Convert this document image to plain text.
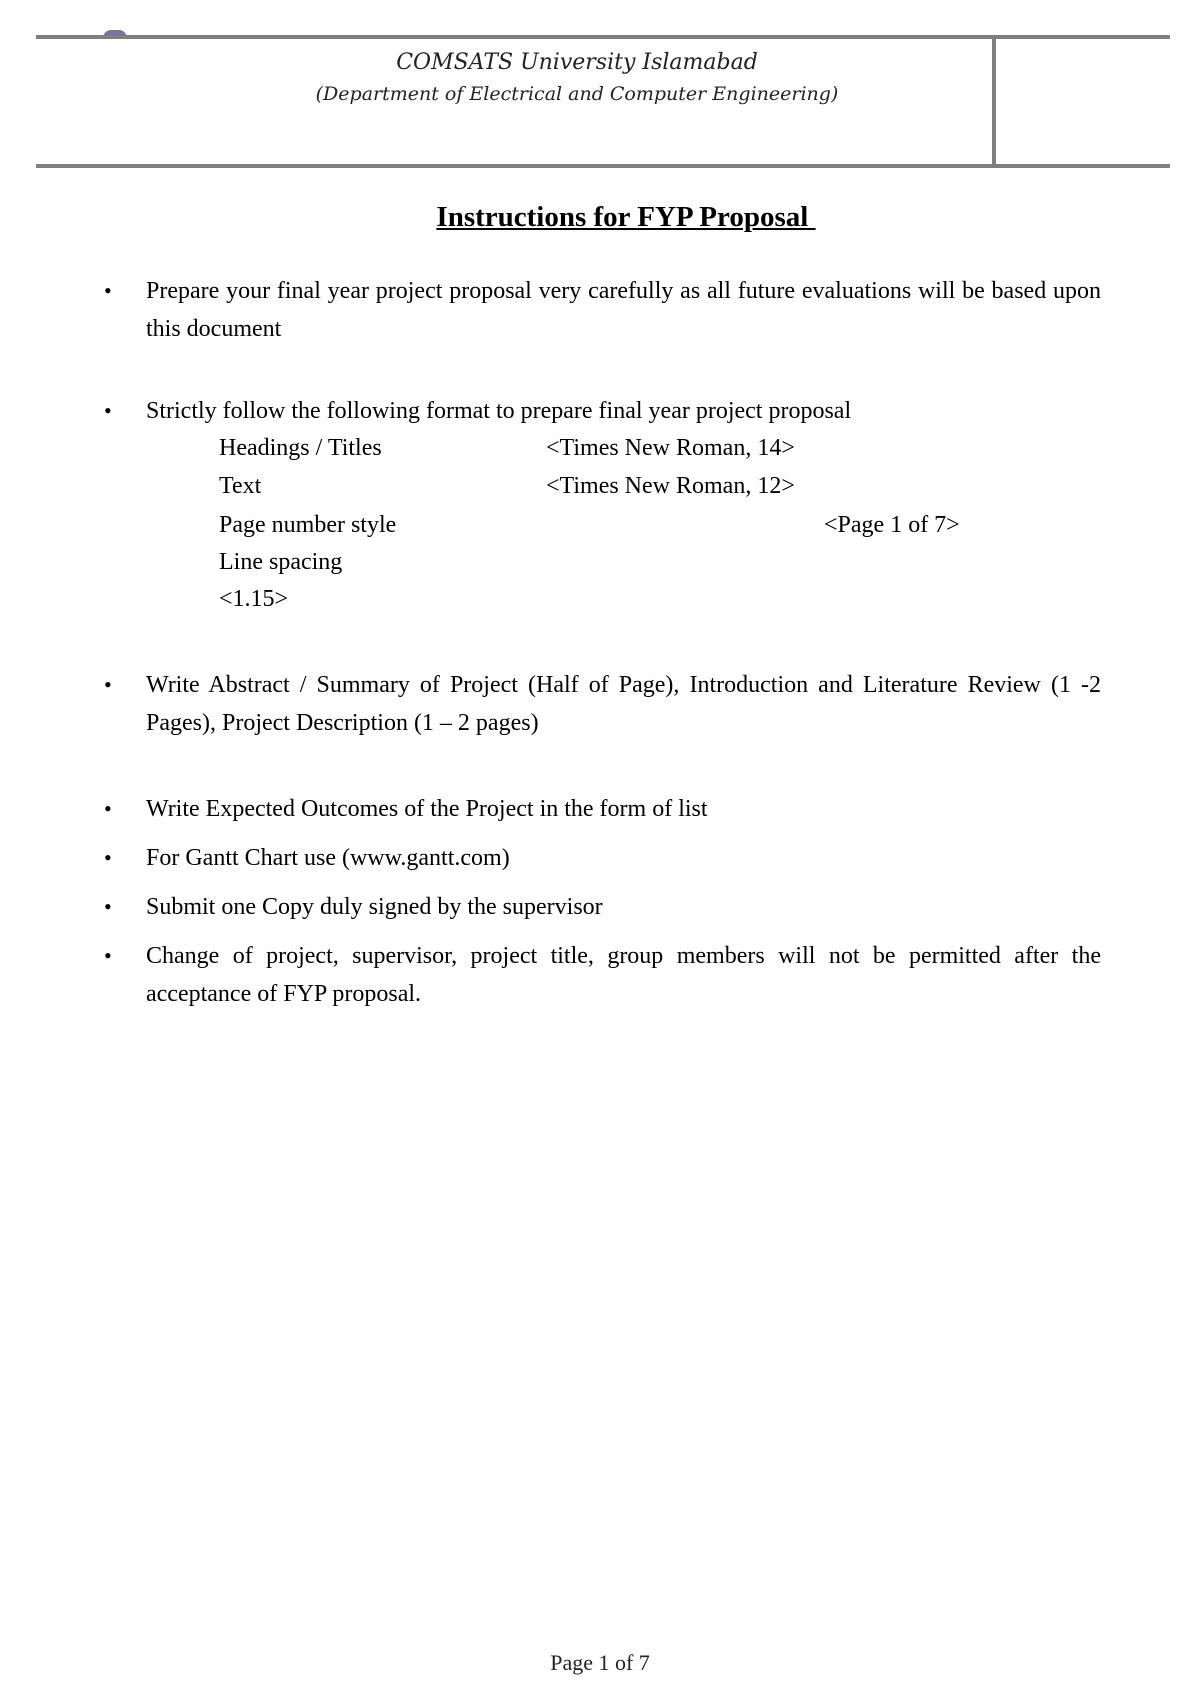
COMSATS University Islamabad
(Department of Electrical and Computer Engineering)
Instructions for FYP Proposal
• Prepare your final year project proposal very carefully as all future evaluations will be based upon this document
• Strictly follow the following format to prepare final year project proposal
Headings / Titles	<Times New Roman, 14>
Text	<Times New Roman, 12>
Page number style	<Page 1 of 7>
Line spacing
<1.15>
• Write Abstract / Summary of Project (Half of Page), Introduction and Literature Review (1 -2 Pages), Project Description (1 – 2 pages)
• Write Expected Outcomes of the Project in the form of list
• For Gantt Chart use (www.gantt.com)
• Submit one Copy duly signed by the supervisor
• Change of project, supervisor, project title, group members will not be permitted after the acceptance of FYP proposal.
Page 1 of 7
